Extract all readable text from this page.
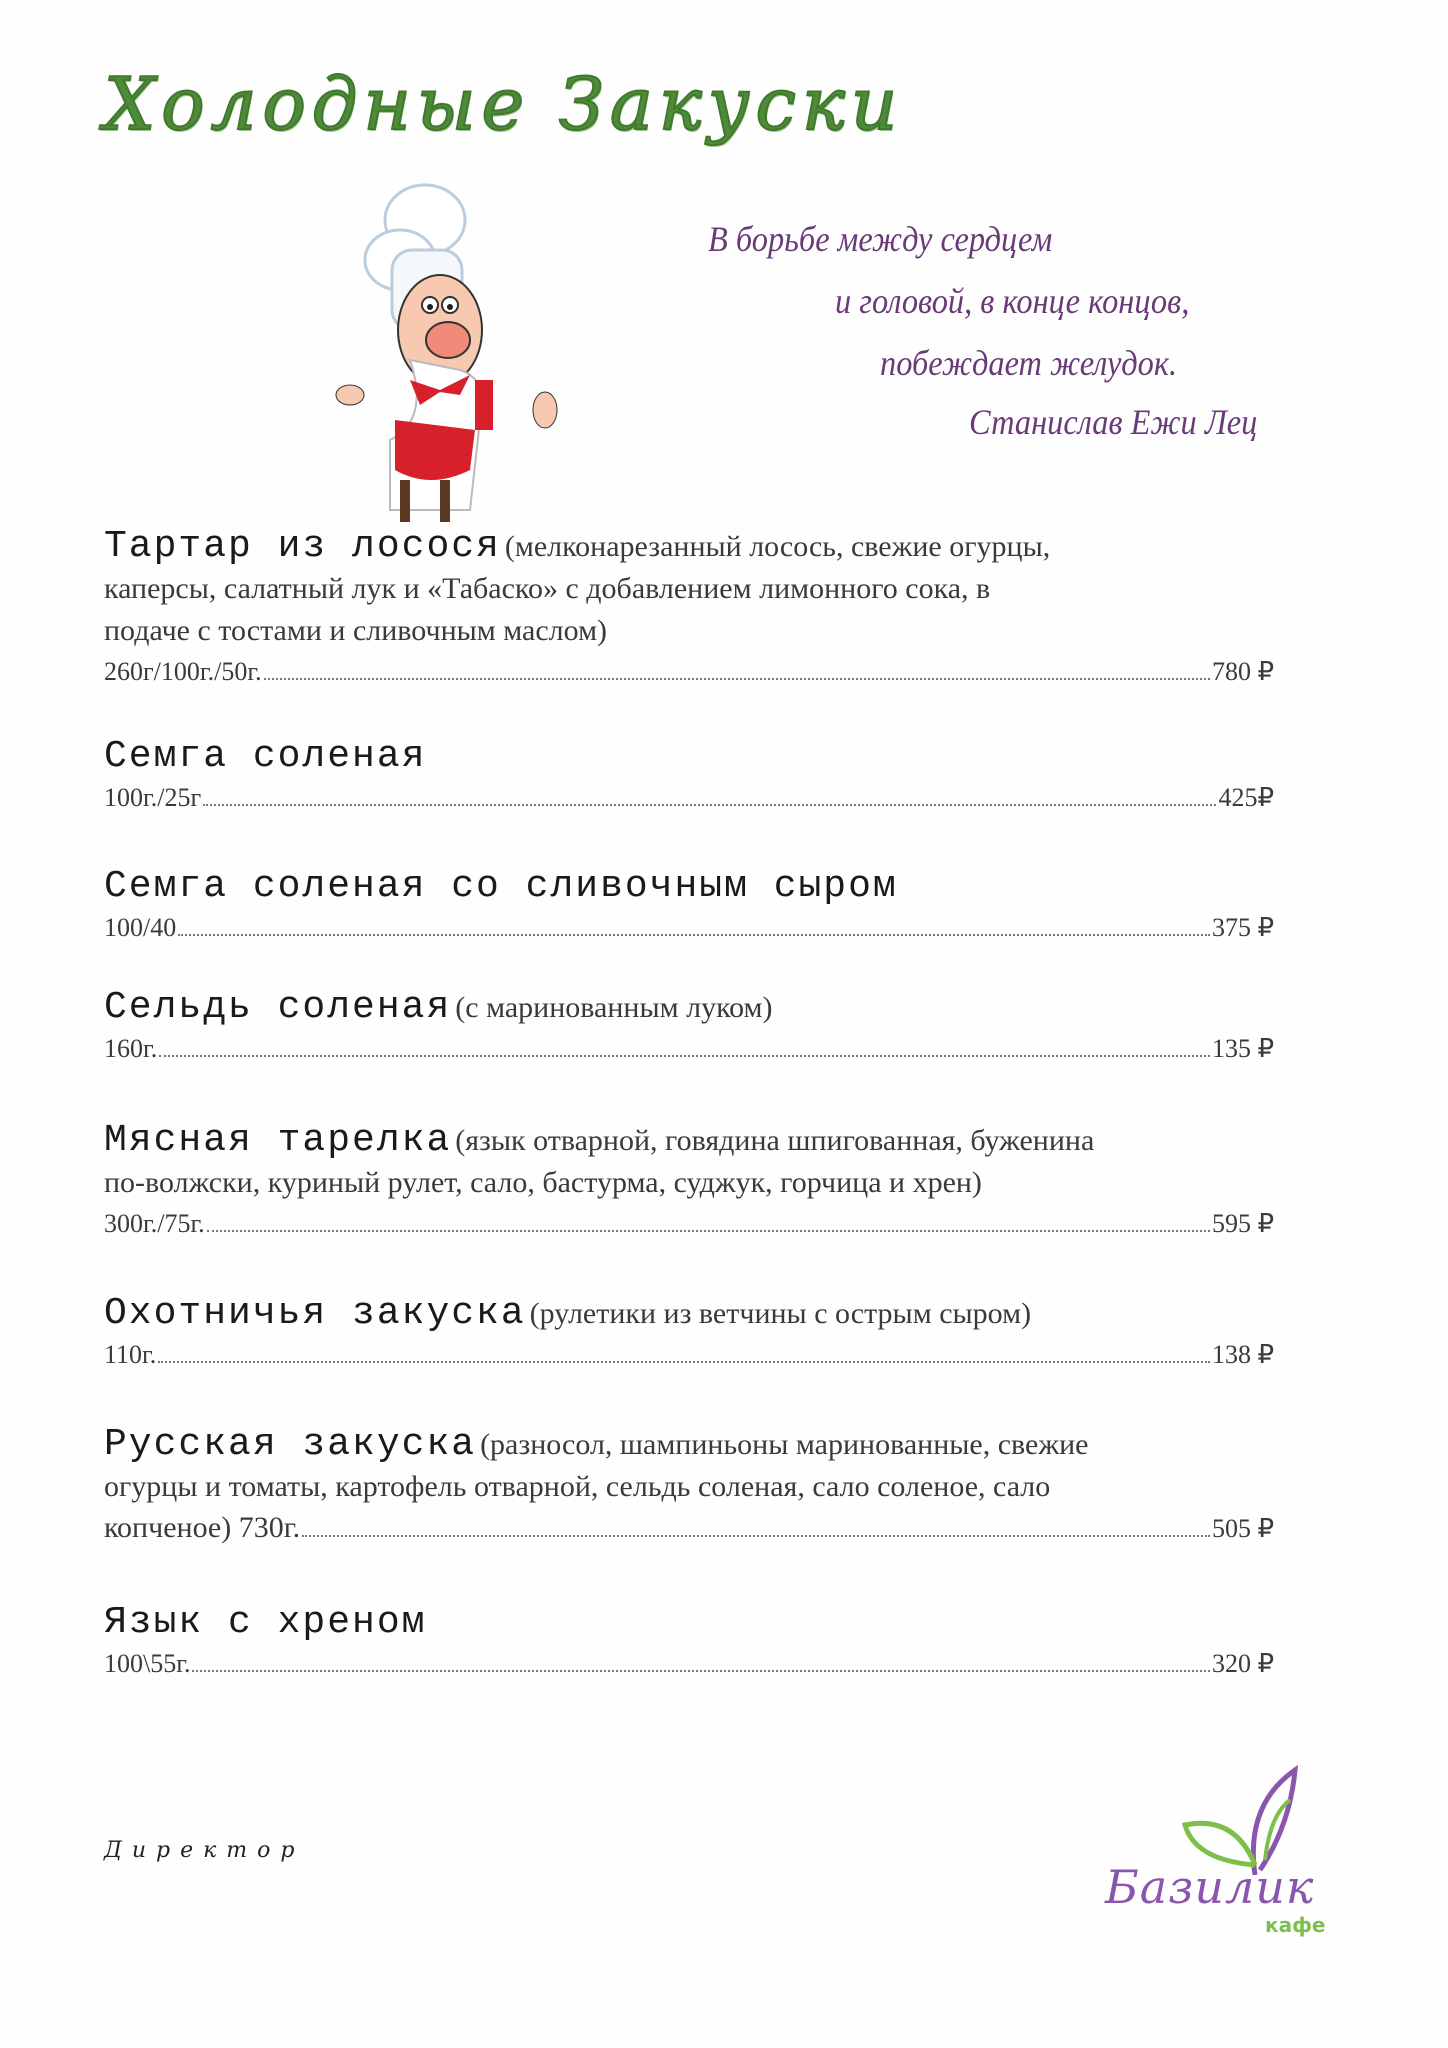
Холодные Закуски
В борьбе между сердцем
и головой, в конце концов,
побеждает желудок.
Станислав Ежи Лец
Тартар из лосося (мелконарезанный лосось, свежие огурцы,
каперсы, салатный лук и «Табаско» с добавлением лимонного сока, в
подаче с тостами и сливочным маслом)
260г/100г./50г.	780 ₽
Семга соленая
100г./25г	425₽
Семга соленая со сливочным сыром
100/40	375 ₽
Сельдь соленая (с маринованным луком)
160г.	135 ₽
Мясная тарелка (язык отварной, говядина шпигованная, буженина
по-волжски, куриный рулет, сало, бастурма, суджук, горчица и хрен)
300г./75г.	595 ₽
Охотничья закуска (рулетики из ветчины с острым сыром)
110г.	138 ₽
Русская закуска (разносол, шампиньоны маринованные, свежие
огурцы и томаты, картофель отварной, сельдь соленая, сало соленое, сало
копченое) 730г.	505 ₽
Язык с хреном
100\55г.	320 ₽
Директор
Базилик
кафе
